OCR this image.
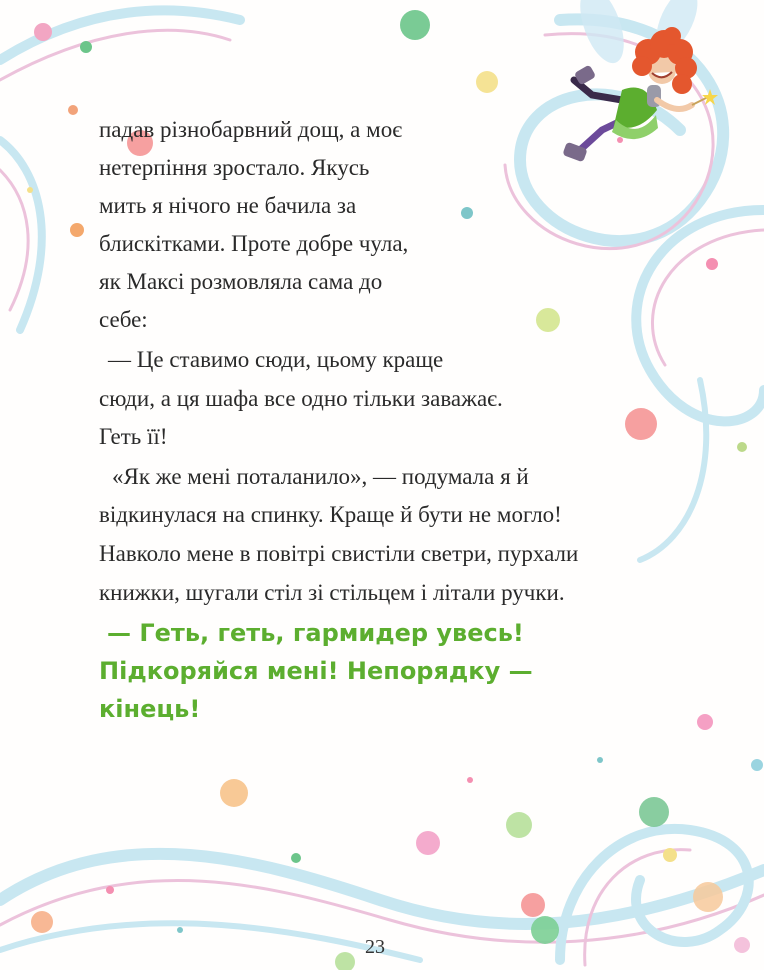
падав різнобарвний дощ, а моє

нетерпіння зростало. Якусь

мить я нічого не бачила за

блискітками. Проте добре чула,

як Максі розмовляла сама до

себе:

— Це ставимо сюди, цьому краще

сюди, а ця шафа все одно тільки заважає.

Геть її!

«Як же мені поталанило», — подумала я й

відкинулася на спинку. Краще й бути не могло!

Навколо мене в повітрі свистіли светри, пурхали

книжки, шугали стіл зі стільцем і літали ручки.

— Геть, геть, гармидер увесь!

Підкоряйся мені! Непорядку —

кінець!

23
